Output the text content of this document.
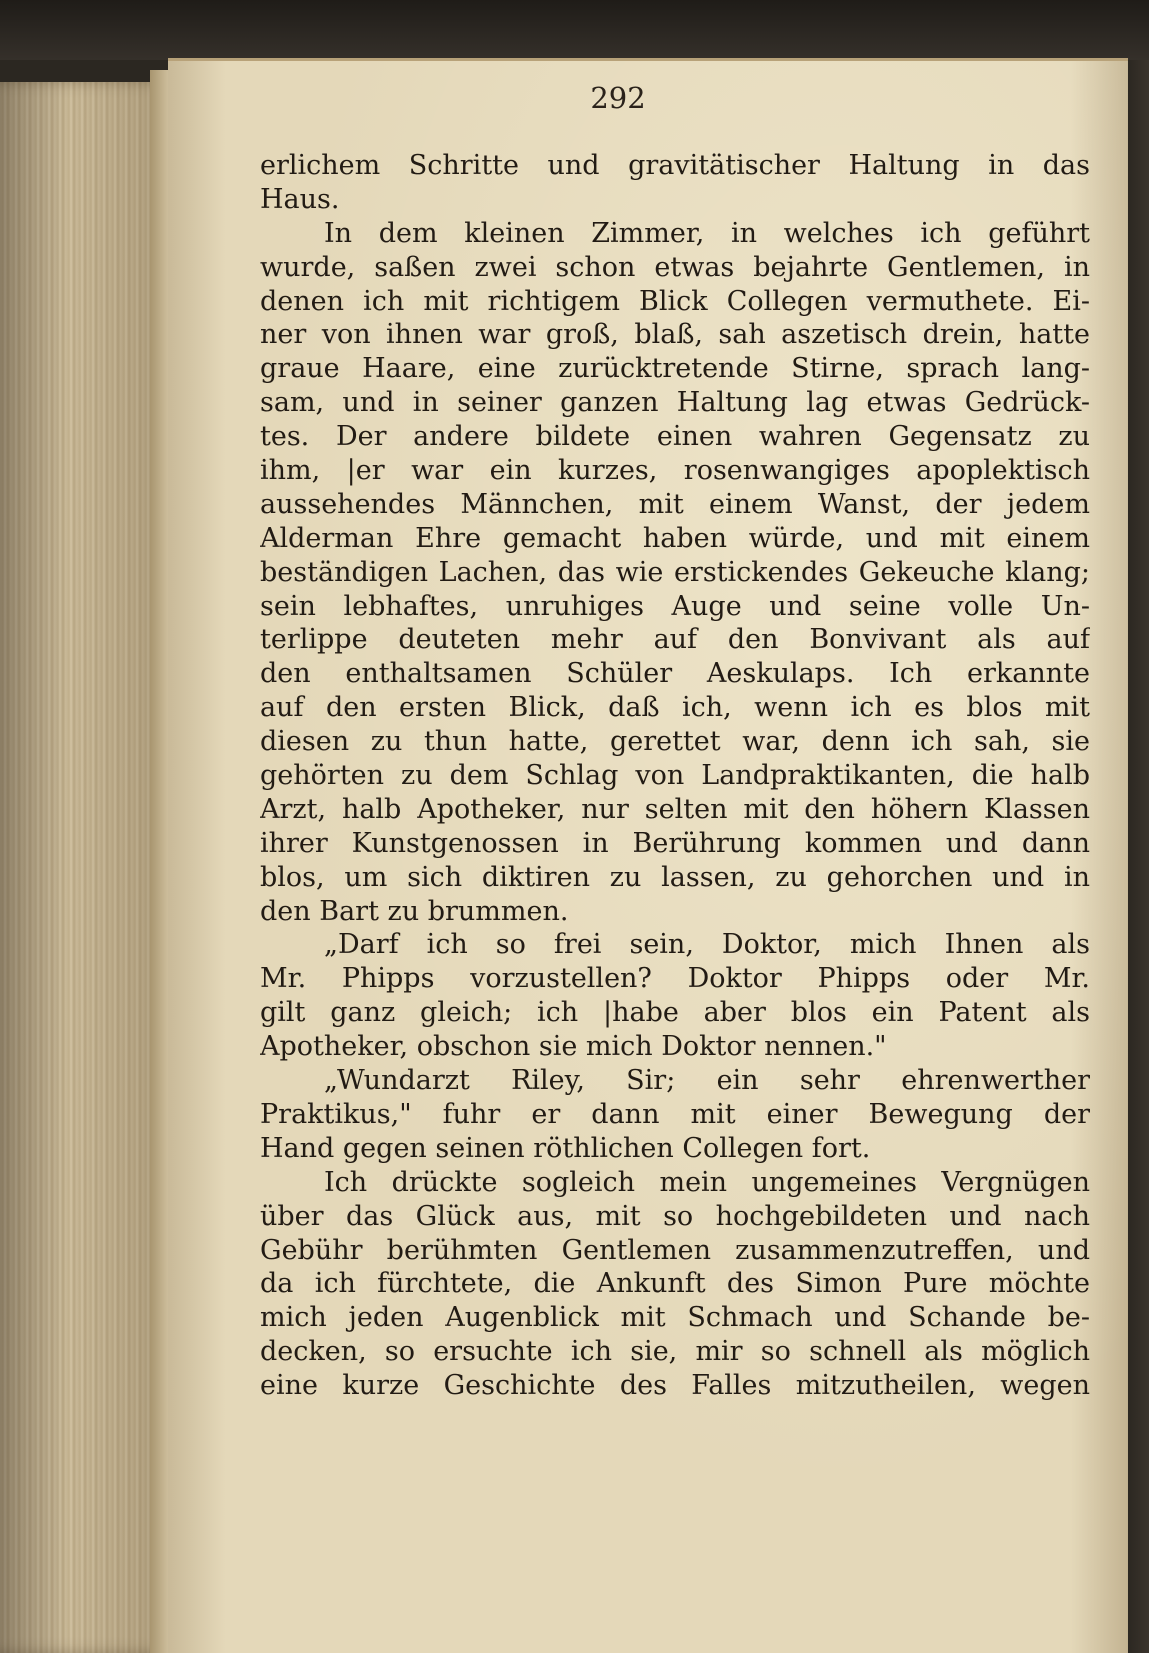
292
erlichem Schritte und gravitätischer Haltung in das
Haus.
In dem kleinen Zimmer, in welches ich geführt
wurde, saßen zwei schon etwas bejahrte Gentlemen, in
denen ich mit richtigem Blick Collegen vermuthete. Ei-
ner von ihnen war groß, blaß, sah aszetisch drein, hatte
graue Haare, eine zurücktretende Stirne, sprach lang-
sam, und in seiner ganzen Haltung lag etwas Gedrück-
tes. Der andere bildete einen wahren Gegensatz zu
ihm, |er war ein kurzes, rosenwangiges apoplektisch
aussehendes Männchen, mit einem Wanst, der jedem
Alderman Ehre gemacht haben würde, und mit einem
beständigen Lachen, das wie erstickendes Gekeuche klang;
sein lebhaftes, unruhiges Auge und seine volle Un-
terlippe deuteten mehr auf den Bonvivant als auf
den enthaltsamen Schüler Aeskulaps. Ich erkannte
auf den ersten Blick, daß ich, wenn ich es blos mit
diesen zu thun hatte, gerettet war, denn ich sah, sie
gehörten zu dem Schlag von Landpraktikanten, die halb
Arzt, halb Apotheker, nur selten mit den höhern Klassen
ihrer Kunstgenossen in Berührung kommen und dann
blos, um sich diktiren zu lassen, zu gehorchen und in
den Bart zu brummen.
„Darf ich so frei sein, Doktor, mich Ihnen als
Mr. Phipps vorzustellen? Doktor Phipps oder Mr.
gilt ganz gleich; ich |habe aber blos ein Patent als
Apotheker, obschon sie mich Doktor nennen."
„Wundarzt Riley, Sir; ein sehr ehrenwerther
Praktikus," fuhr er dann mit einer Bewegung der
Hand gegen seinen röthlichen Collegen fort.
Ich drückte sogleich mein ungemeines Vergnügen
über das Glück aus, mit so hochgebildeten und nach
Gebühr berühmten Gentlemen zusammenzutreffen, und
da ich fürchtete, die Ankunft des Simon Pure möchte
mich jeden Augenblick mit Schmach und Schande be-
decken, so ersuchte ich sie, mir so schnell als möglich
eine kurze Geschichte des Falles mitzutheilen, wegen
